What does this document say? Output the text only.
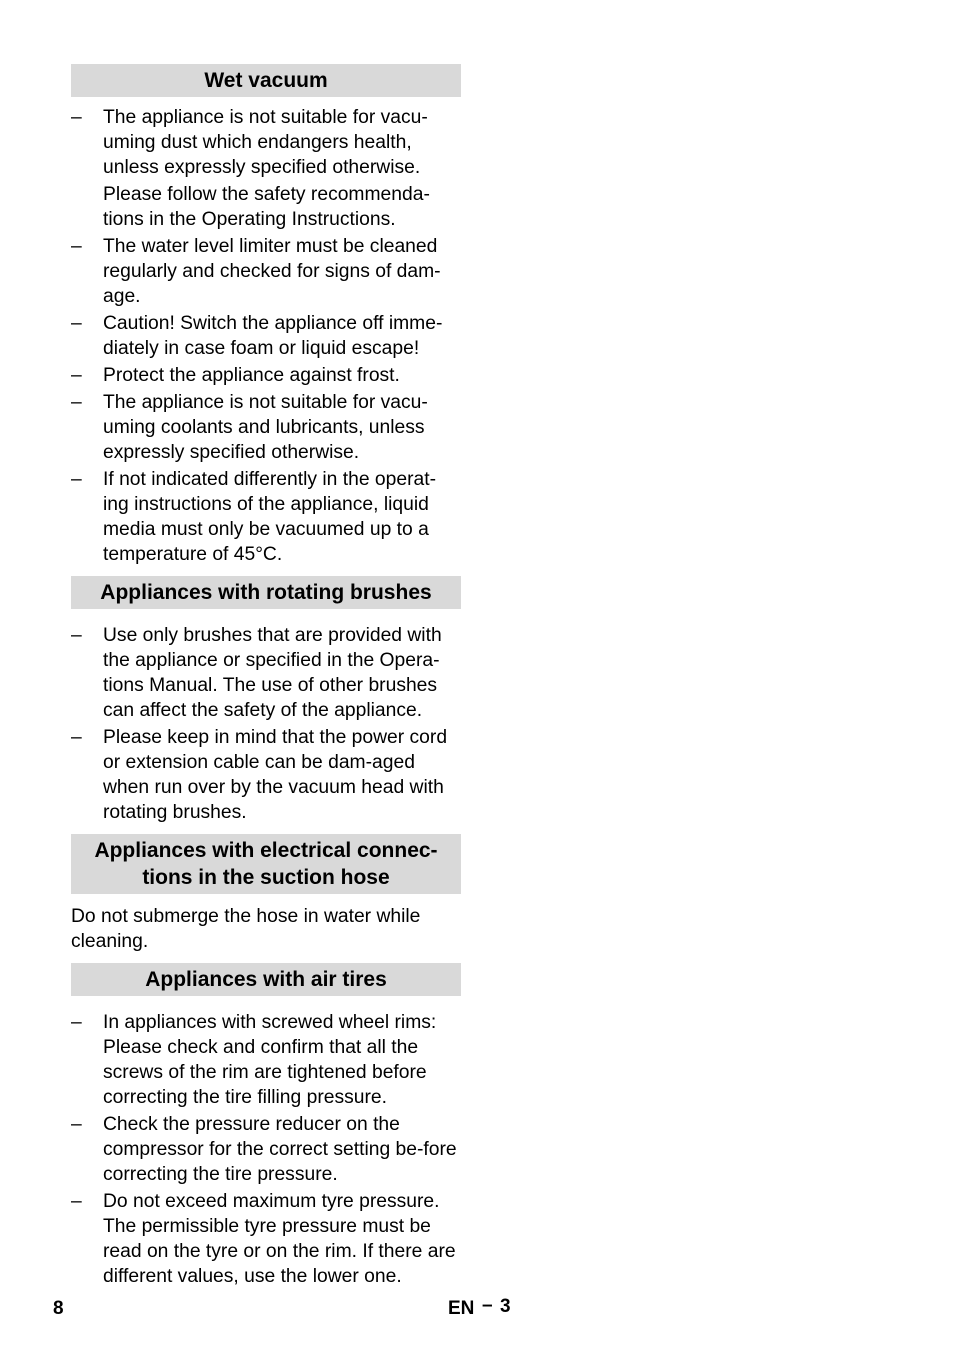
Wet vacuum
–	The appliance is not suitable for vacu-uming dust which endangers health, unless expressly specified otherwise.

Please follow the safety recommenda-tions in the Operating Instructions.

–	The water level limiter must be cleaned regularly and checked for signs of dam-age.

–	Caution! Switch the appliance off imme-diately in case foam or liquid escape!

–	Protect the appliance against frost.

–	The appliance is not suitable for vacu-uming coolants and lubricants, unless expressly specified otherwise.

–	If not indicated differently in the operat-ing instructions of the appliance, liquid media must only be vacuumed up to a temperature of 45°C.

Appliances with rotating brushes
–	Use only brushes that are provided with the appliance or specified in the Opera-tions Manual. The use of other brushes can affect the safety of the appliance.

–	Please keep in mind that the power cord or extension cable can be dam-aged when run over by the vacuum head with rotating brushes.

Appliances with electrical connec-tions in the suction hose

Do not submerge the hose in water while cleaning.

Appliances with air tires
–	In appliances with screwed wheel rims: Please check and confirm that all the screws of the rim are tightened before correcting the tire filling pressure.

–	Check the pressure reducer on the compressor for the correct setting be-fore correcting the tire pressure.

–	Do not exceed maximum tyre pressure. The permissible tyre pressure must be read on the tyre or on the rim. If there are different values, use the lower one.

8	EN – 3
